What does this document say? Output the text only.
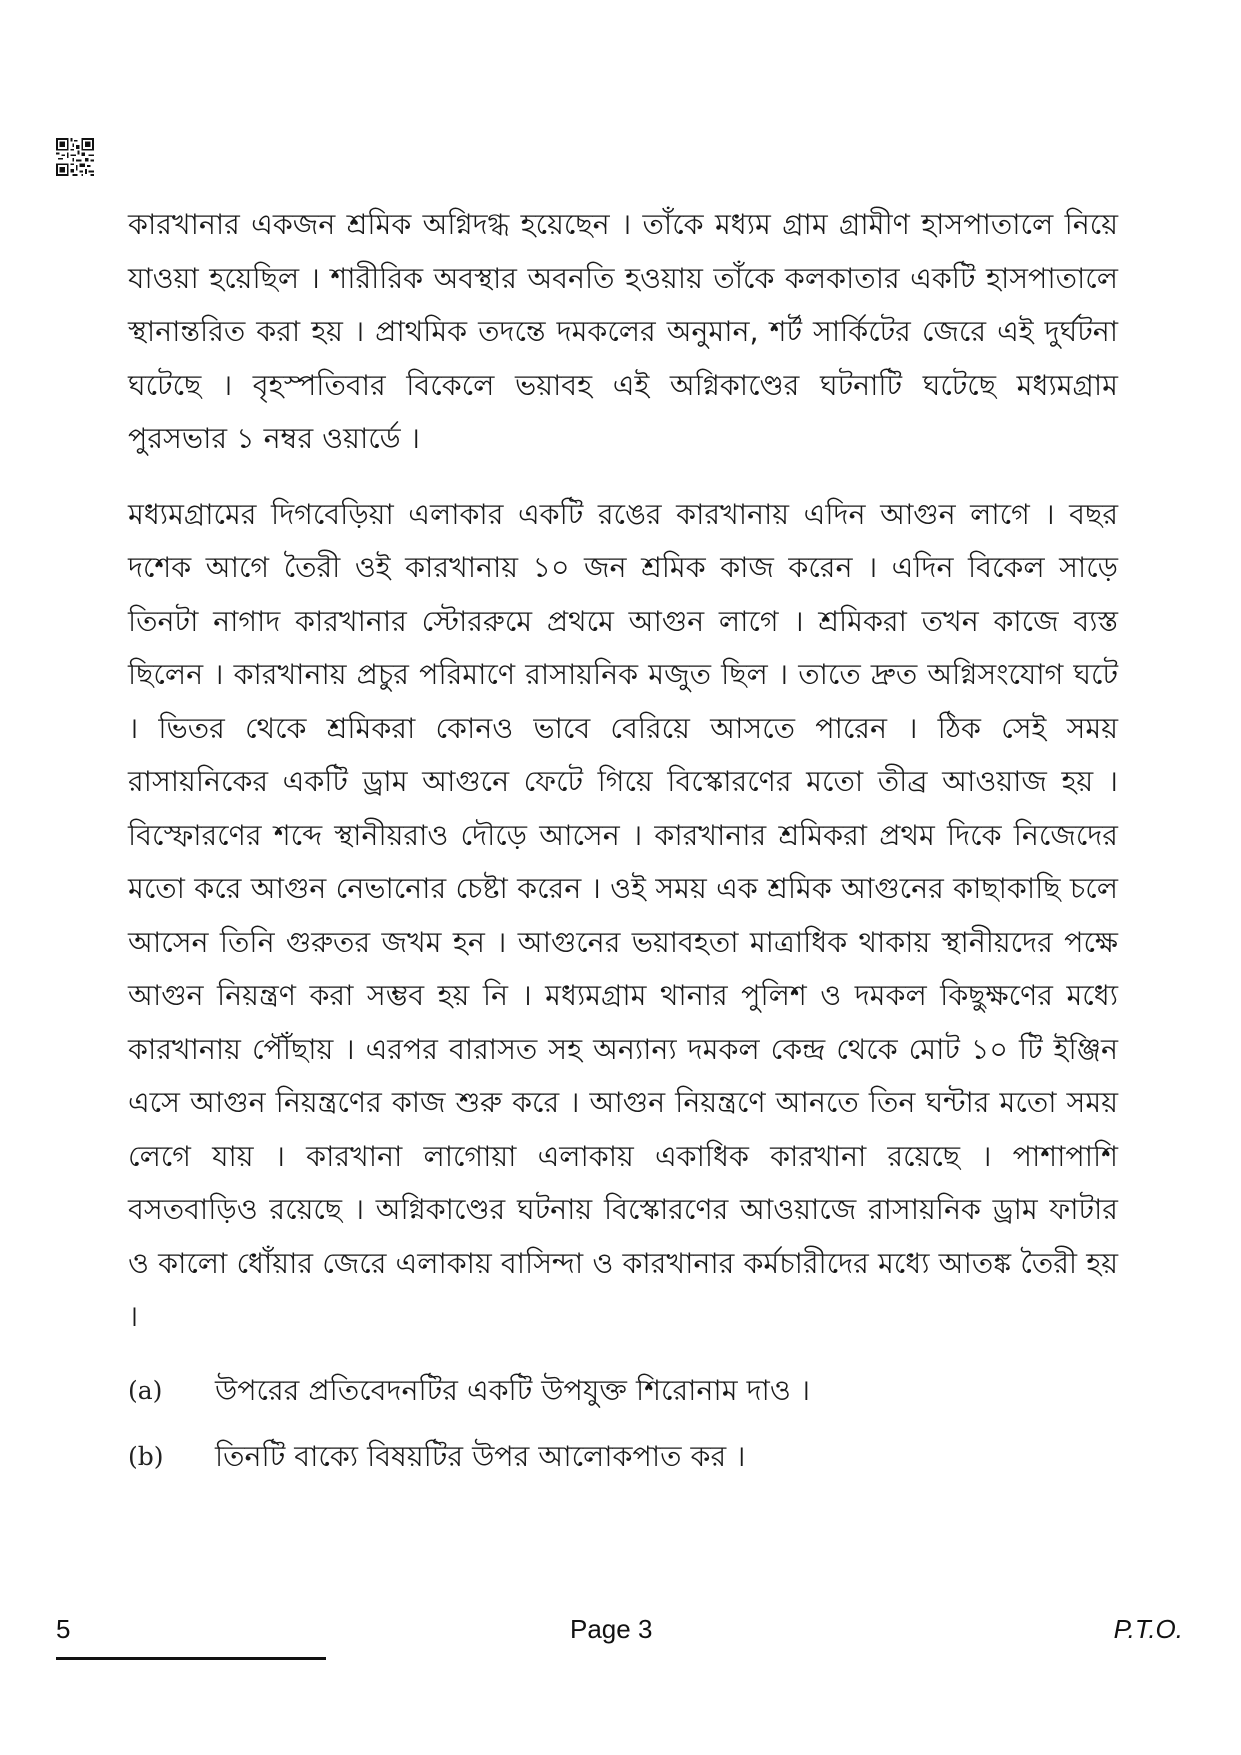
কারখানার একজন শ্রমিক অগ্নিদগ্ধ হয়েছেন । তাঁকে মধ্যম গ্রাম গ্রামীণ হাসপাতালে নিয়ে যাওয়া হয়েছিল । শারীরিক অবস্থার অবনতি হওয়ায় তাঁকে কলকাতার একটি হাসপাতালে স্থানান্তরিত করা হয় । প্রাথমিক তদন্তে দমকলের অনুমান, শর্ট সার্কিটের জেরে এই দুর্ঘটনা ঘটেছে । বৃহস্পতিবার বিকেলে ভয়াবহ এই অগ্নিকাণ্ডের ঘটনাটি ঘটেছে মধ্যমগ্রাম পুরসভার ১ নম্বর ওয়ার্ডে ।

মধ্যমগ্রামের দিগবেড়িয়া এলাকার একটি রঙের কারখানায় এদিন আগুন লাগে । বছর দশেক আগে তৈরী ওই কারখানায় ১০ জন শ্রমিক কাজ করেন । এদিন বিকেল সাড়ে তিনটা নাগাদ কারখানার স্টোররুমে প্রথমে আগুন লাগে । শ্রমিকরা তখন কাজে ব্যস্ত ছিলেন । কারখানায় প্রচুর পরিমাণে রাসায়নিক মজুত ছিল । তাতে দ্রুত অগ্নিসংযোগ ঘটে । ভিতর থেকে শ্রমিকরা কোনও ভাবে বেরিয়ে আসতে পারেন । ঠিক সেই সময় রাসায়নিকের একটি ড্রাম আগুনে ফেটে গিয়ে বিস্কোরণের মতো তীব্র আওয়াজ হয় । বিস্ফোরণের শব্দে স্থানীয়রাও দৌড়ে আসেন । কারখানার শ্রমিকরা প্রথম দিকে নিজেদের মতো করে আগুন নেভানোর চেষ্টা করেন । ওই সময় এক শ্রমিক আগুনের কাছাকাছি চলে আসেন তিনি গুরুতর জখম হন । আগুনের ভয়াবহতা মাত্রাধিক থাকায় স্থানীয়দের পক্ষে আগুন নিয়ন্ত্রণ করা সম্ভব হয় নি । মধ্যমগ্রাম থানার পুলিশ ও দমকল কিছুক্ষণের মধ্যে কারখানায় পৌঁছায় । এরপর বারাসত সহ অন্যান্য দমকল কেন্দ্র থেকে মোট ১০ টি ইঞ্জিন এসে আগুন নিয়ন্ত্রণের কাজ শুরু করে । আগুন নিয়ন্ত্রণে আনতে তিন ঘন্টার মতো সময় লেগে যায় । কারখানা লাগোয়া এলাকায় একাধিক কারখানা রয়েছে । পাশাপাশি বসতবাড়িও রয়েছে । অগ্নিকাণ্ডের ঘটনায় বিস্কোরণের আওয়াজে রাসায়নিক ড্রাম ফাটার ও কালো ধোঁয়ার জেরে এলাকায় বাসিন্দা ও কারখানার কর্মচারীদের মধ্যে আতঙ্ক তৈরী হয় ।

(a)	উপরের প্রতিবেদনটির একটি উপযুক্ত শিরোনাম দাও ।
(b)	তিনটি বাক্যে বিষয়টির উপর আলোকপাত কর ।
5	Page 3	P.T.O.
